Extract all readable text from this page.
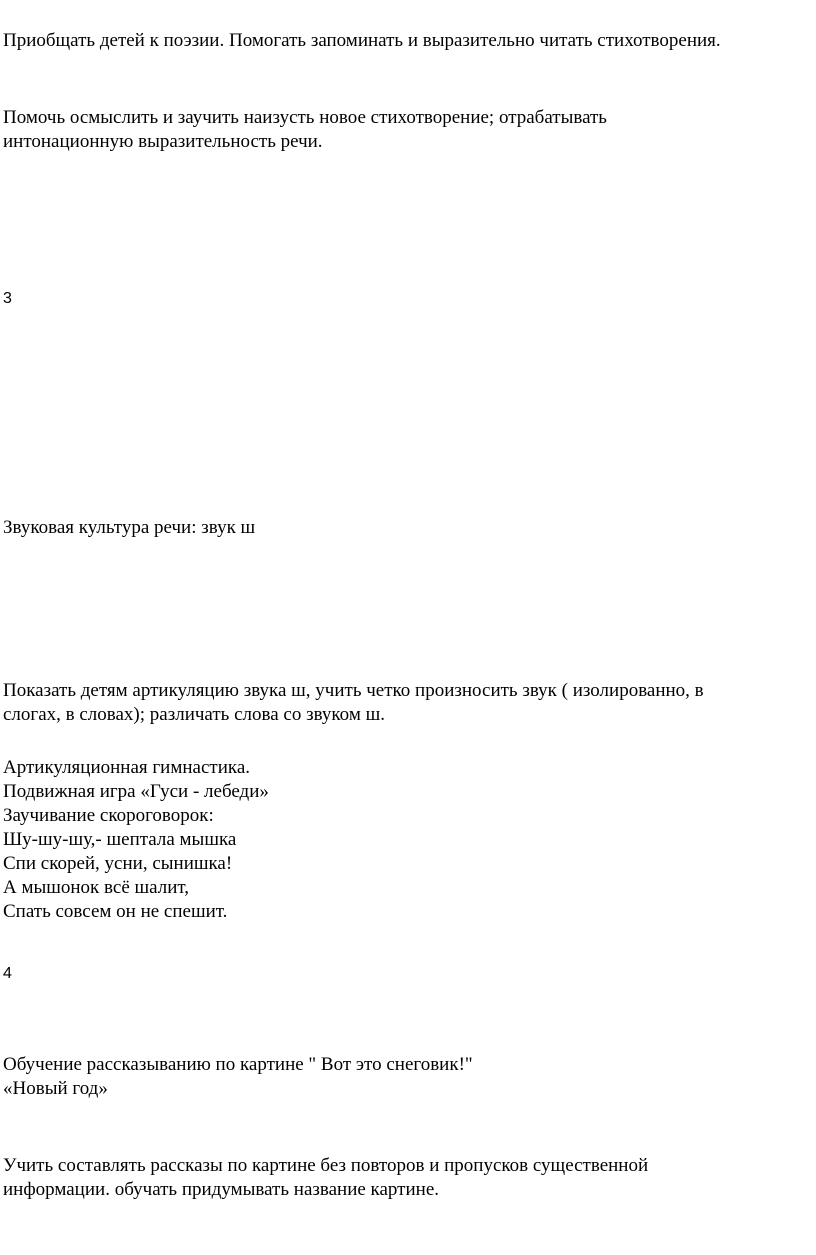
Приобщать детей к поэзии. Помогать запоминать и выразительно читать стихотворения.

Помочь осмыслить и заучить наизусть новое стихотворение; отрабатывать
интонационную выразительность речи.

3

Звуковая культура речи: звук ш

Показать детям артикуляцию звука ш, учить четко произносить звук ( изолированно, в
слогах, в словах); различать слова со звуком ш.

Артикуляционная гимнастика.
Подвижная игра «Гуси - лебеди»
Заучивание скороговорок:
Шу-шу-шу,- шептала мышка
Спи скорей, усни, сынишка!
А мышонок всё шалит,
Спать совсем он не спешит.

4

Обучение рассказыванию по картине " Вот это снеговик!"
«Новый год»

Учить составлять рассказы по картине без повторов и пропусков существенной
информации. обучать придумывать название картине.
